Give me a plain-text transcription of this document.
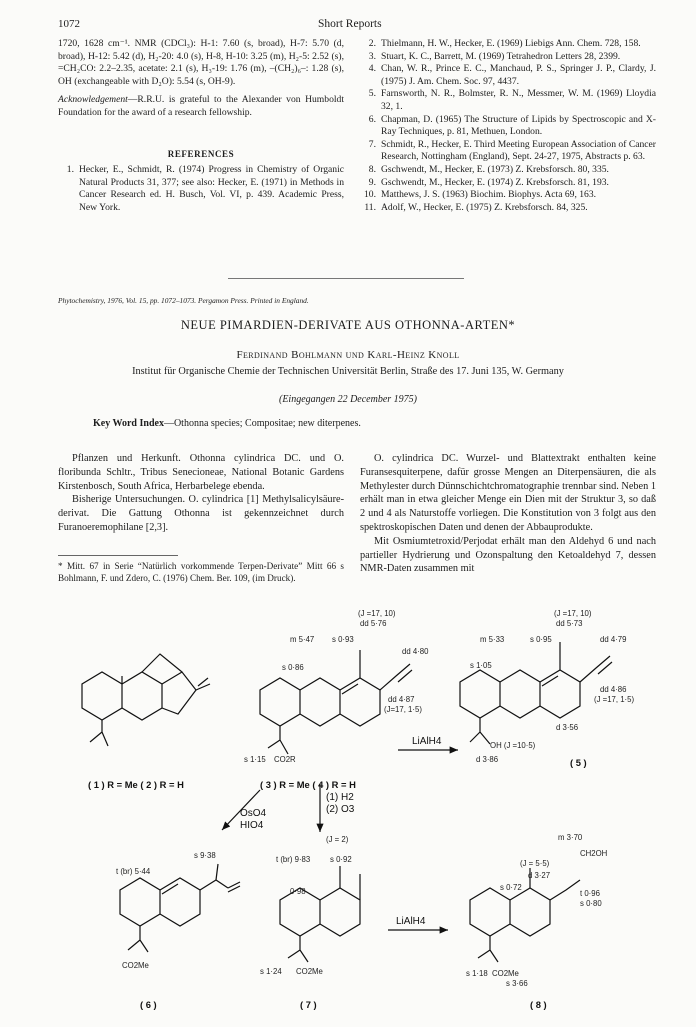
1072	Short Reports

1720, 1628 cm⁻¹. NMR (CDCl₃): H-1: 7.60 (s, broad), H-7: 5.70 (d, broad), H-12: 5.42 (d), H₂-20: 4.0 (s), H-8, H-10: 3.25 (m), H₂-5: 2.52 (s), =CH₂CO: 2.2–2.35, acetate: 2.1 (s), H₃-19: 1.76 (m), –(CH₂)₆–: 1.28 (s), OH (exchangeable with D₂O): 5.54 (s, OH-9).

Acknowledgement—R.R.U. is grateful to the Alexander von Humboldt Foundation for the award of a research fellowship.

REFERENCES

1. Hecker, E., Schmidt, R. (1974) Progress in Chemistry of Organic Natural Products 31, 377; see also: Hecker, E. (1971) in Methods in Cancer Research ed. H. Busch, Vol. VI, p. 439. Academic Press, New York.
2. Thielmann, H. W., Hecker, E. (1969) Liebigs Ann. Chem. 728, 158.
3. Stuart, K. C., Barrett, M. (1969) Tetrahedron Letters 28, 2399.
4. Chan, W. R., Prince E. C., Manchaud, P. S., Springer J. P., Clardy, J. (1975) J. Am. Chem. Soc. 97, 4437.
5. Farnsworth, N. R., Bolmster, R. N., Messmer, W. M. (1969) Lloydia 32, 1.
6. Chapman, D. (1965) The Structure of Lipids by Spectroscopic and X-Ray Techniques, p. 81, Methuen, London.
7. Schmidt, R., Hecker, E. Third Meeting European Association of Cancer Research, Nottingham (England), Sept. 24-27, 1975, Abstracts p. 63.
8. Gschwendt, M., Hecker, E. (1973) Z. Krebsforsch. 80, 335.
9. Gschwendt, M., Hecker, E. (1974) Z. Krebsforsch. 81, 193.
10. Matthews, J. S. (1963) Biochim. Biophys. Acta 69, 163.
11. Adolf, W., Hecker, E. (1975) Z. Krebsforsch. 84, 325.
Phytochemistry, 1976, Vol. 15, pp. 1072–1073. Pergamon Press. Printed in England.
NEUE PIMARDIEN-DERIVATE AUS OTHONNA-ARTEN*
Ferdinand Bohlmann und Karl-Heinz Knoll
Institut für Organische Chemie der Technischen Universität Berlin, Straße des 17. Juni 135, W. Germany
(Eingegangen 22 December 1975)
Key Word Index—Othonna species; Compositae; new diterpenes.

Pflanzen und Herkunft. Othonna cylindrica DC. und O. floribunda Schltr., Tribus Senecioneae, National Botanic Gardens Kirstenbosch, South Africa, Herbarbelege ebenda.

Bisherige Untersuchungen. O. cylindrica [1] Methylsalicylsäure-derivat. Die Gattung Othonna ist gekennzeichnet durch Furanoeremophilane [2,3].

* Mitt. 67 in Serie “Natürlich vorkommende Terpen-Derivate” Mitt 66 s Bohlmann, F. und Zdero, C. (1976) Chem. Ber. 109, (im Druck).

O. cylindrica DC. Wurzel- und Blattextrakt enthalten keine Furansesquiterpene, dafür grosse Mengen an Diterpensäuren, die als Methylester durch Dünnschichtchromatographie trennbar sind. Neben 1 erhält man in etwa gleicher Menge ein Dien mit der Struktur 3, so daß 2 und 4 als Naturstoffe vorliegen. Die Konstitution von 3 folgt aus den spektroskopischen Daten und denen der Abbauprodukte.

Mit Osmiumtetroxid/Perjodat erhält man den Aldehyd 6 und nach partieller Hydrierung und Ozonspaltung den Ketoaldehyd 7, dessen NMR-Daten zusammen mit

( 1 ) R = Me ( 2 ) R = H	( 3 ) R = Me ( 4 ) R = H
( 5 )
( 6 )	( 7 )	( 8 )
LiAlH4
OsO4
HIO4
(1) H2
(2) O3
LiAlH4
(J =17, 10)
dd 5·76
m 5·47 s 0·93
dd 4·80
s 0·86
dd 4·87
(J=17, 1·5)
s 1·15 CO2R
(J =17, 10)
dd 5·73
m 5·33	s 0·95	dd 4·79
s 1·05
dd 4·86
(J =17, 1·5)
d 3·56
OH (J =10·5)
d 3·86
s 9·38
t (br) 5·44
CO2Me
(J = 2)
t (br) 9·83	s 0·92
0·98
s 1·24 CO2Me
m 3·70
CH2OH
(J = 5·5)
d 3·27
s 0·72
t 0·96
s 0·80
s 1·18 CO2Me
s 3·66
